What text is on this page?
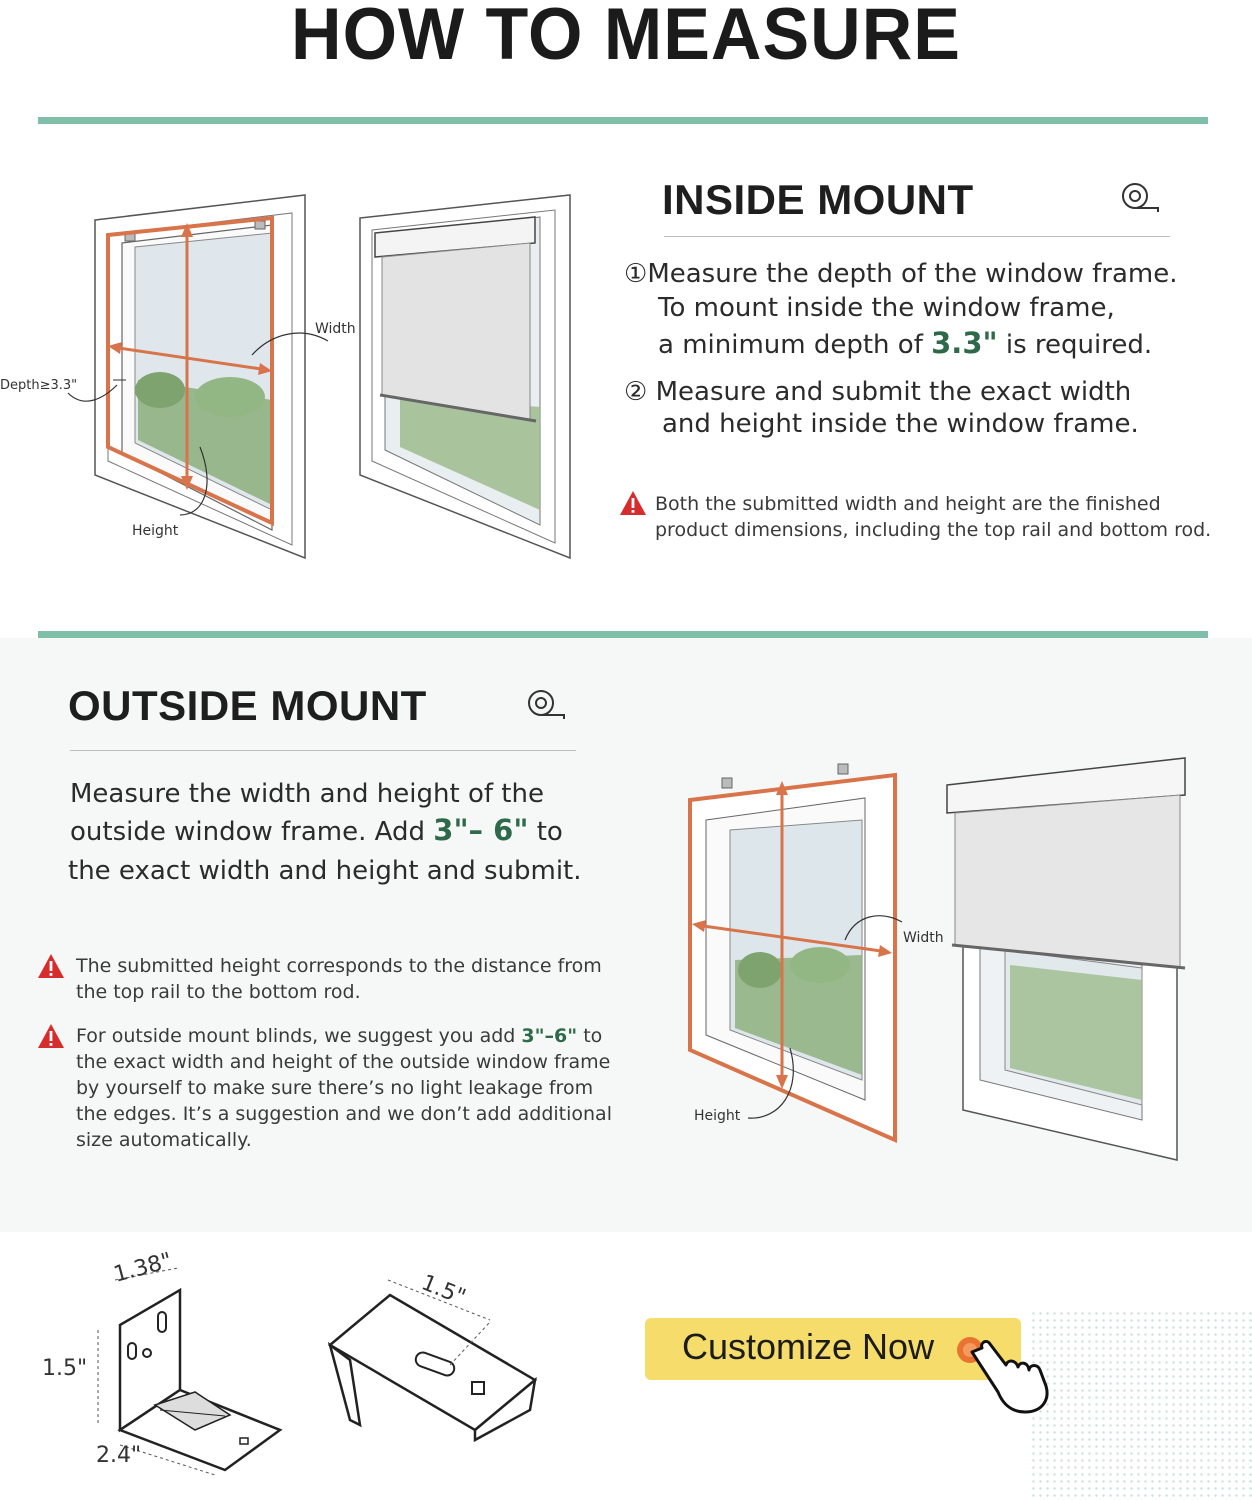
HOW TO MEASURE
Width
Depth≥3.3"
Height
INSIDE MOUNT
①Measure the depth of the window frame.
To mount inside the window frame,
a minimum depth of 3.3" is required.
② Measure and submit the exact width
and height inside the window frame.
Both the submitted width and height are the finished
product dimensions, including the top rail and bottom rod.
OUTSIDE MOUNT
Measure the width and height of the
outside window frame. Add 3"– 6" to
the exact width and height and submit.
The submitted height corresponds to the distance from
the top rail to the bottom rod.
For outside mount blinds, we suggest you add 3"–6" to
the exact width and height of the outside window frame
by yourself to make sure there’s no light leakage from
the edges. It’s a suggestion and we don’t add additional
size automatically.
Width
Height
1.38"
1.5"
2.4"
1.5"
Customize Now
